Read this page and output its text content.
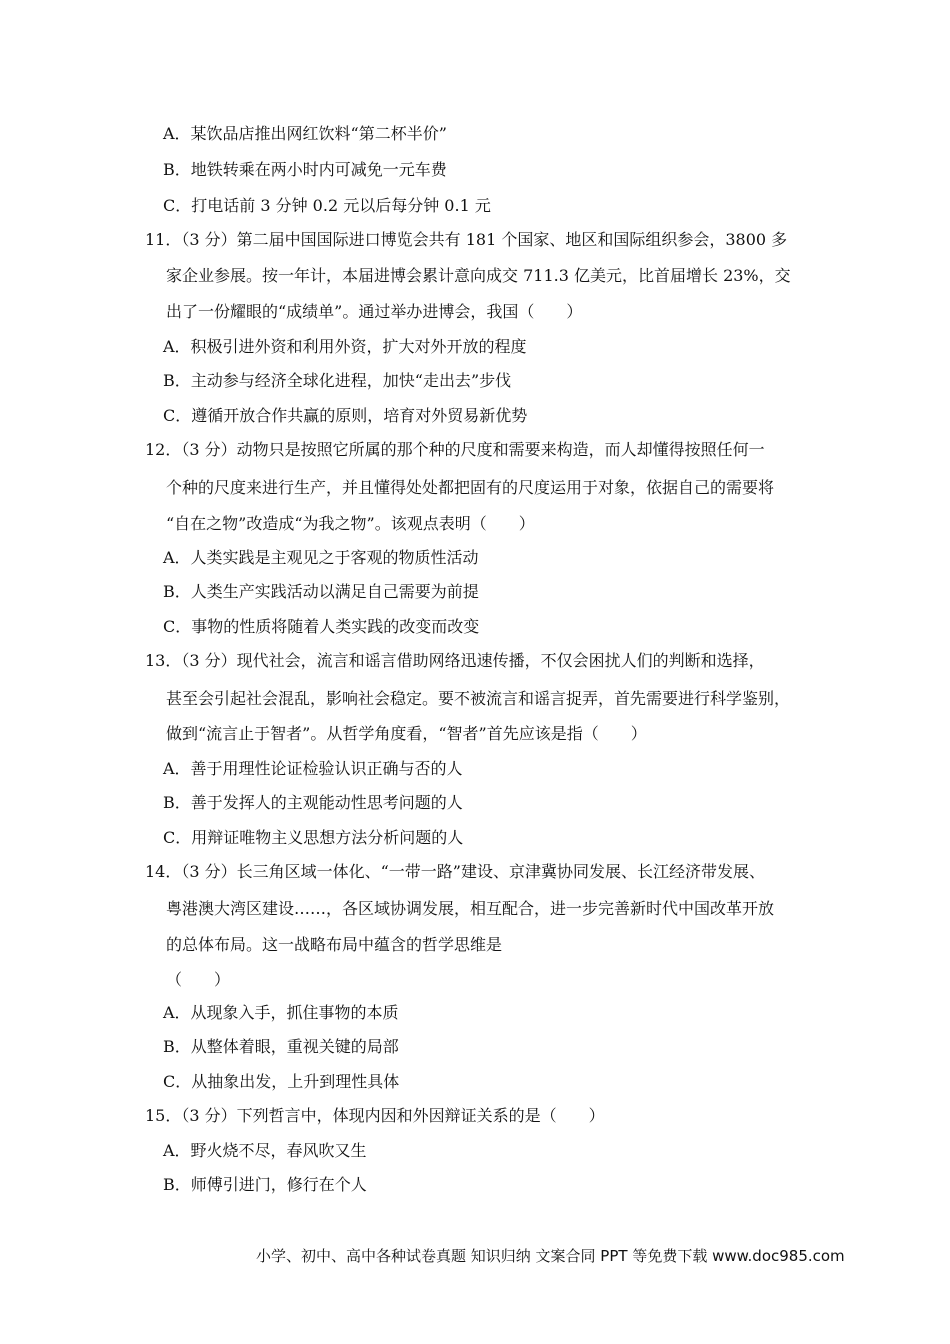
A．某饮品店推出网红饮料“第二杯半价”
B．地铁转乘在两小时内可减免一元车费
C．打电话前 3 分钟 0.2 元以后每分钟 0.1 元
11．（3 分）第二届中国国际进口博览会共有 181 个国家、地区和国际组织参会，3800 多
家企业参展。按一年计，本届进博会累计意向成交 711.3 亿美元，比首届增长 23%，交
出了一份耀眼的“成绩单”。通过举办进博会，我国（　　）
A．积极引进外资和利用外资，扩大对外开放的程度
B．主动参与经济全球化进程，加快“走出去”步伐
C．遵循开放合作共赢的原则，培育对外贸易新优势
12．（3 分）动物只是按照它所属的那个种的尺度和需要来构造，而人却懂得按照任何一
个种的尺度来进行生产，并且懂得处处都把固有的尺度运用于对象，依据自己的需要将
“自在之物”改造成“为我之物”。该观点表明（　　）
A．人类实践是主观见之于客观的物质性活动
B．人类生产实践活动以满足自己需要为前提
C．事物的性质将随着人类实践的改变而改变
13．（3 分）现代社会，流言和谣言借助网络迅速传播，不仅会困扰人们的判断和选择，
甚至会引起社会混乱，影响社会稳定。要不被流言和谣言捉弄，首先需要进行科学鉴别，
做到“流言止于智者”。从哲学角度看，“智者”首先应该是指（　　）
A．善于用理性论证检验认识正确与否的人
B．善于发挥人的主观能动性思考问题的人
C．用辩证唯物主义思想方法分析问题的人
14．（3 分）长三角区域一体化、“一带一路”建设、京津冀协同发展、长江经济带发展、
粤港澳大湾区建设……，各区域协调发展，相互配合，进一步完善新时代中国改革开放
的总体布局。这一战略布局中蕴含的哲学思维是
（　　）
A．从现象入手，抓住事物的本质
B．从整体着眼，重视关键的局部
C．从抽象出发，上升到理性具体
15．（3 分）下列哲言中，体现内因和外因辩证关系的是（　　）
A．野火烧不尽，春风吹又生
B．师傅引进门，修行在个人
小学、初中、高中各种试卷真题 知识归纳 文案合同 PPT 等免费下载 www.doc985.com
